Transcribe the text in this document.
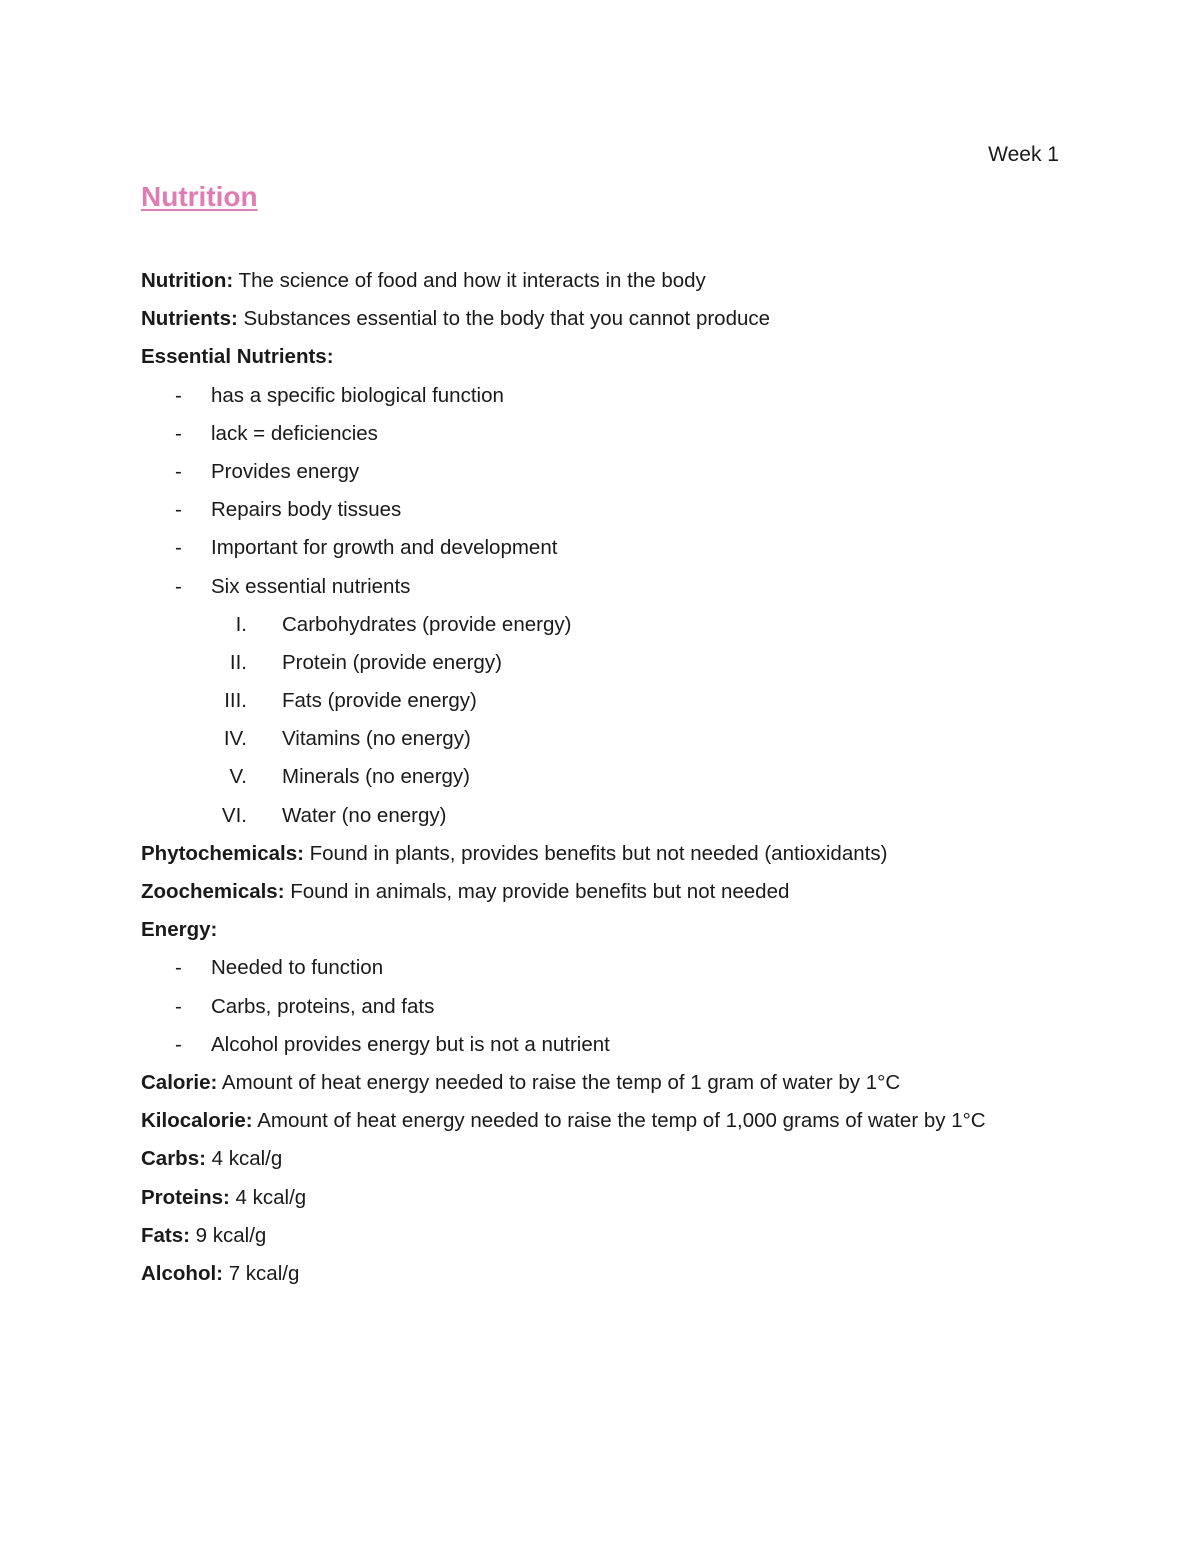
Week 1
Nutrition
Nutrition: The science of food and how it interacts in the body
Nutrients: Substances essential to the body that you cannot produce
Essential Nutrients:
- has a specific biological function
- lack = deficiencies
- Provides energy
- Repairs body tissues
- Important for growth and development
- Six essential nutrients
I. Carbohydrates (provide energy)
II. Protein (provide energy)
III. Fats (provide energy)
IV. Vitamins (no energy)
V. Minerals (no energy)
VI. Water (no energy)
Phytochemicals: Found in plants, provides benefits but not needed (antioxidants)
Zoochemicals: Found in animals, may provide benefits but not needed
Energy:
- Needed to function
- Carbs, proteins, and fats
- Alcohol provides energy but is not a nutrient
Calorie: Amount of heat energy needed to raise the temp of 1 gram of water by 1°C
Kilocalorie: Amount of heat energy needed to raise the temp of 1,000 grams of water by 1°C
Carbs: 4 kcal/g
Proteins: 4 kcal/g
Fats: 9 kcal/g
Alcohol: 7 kcal/g
